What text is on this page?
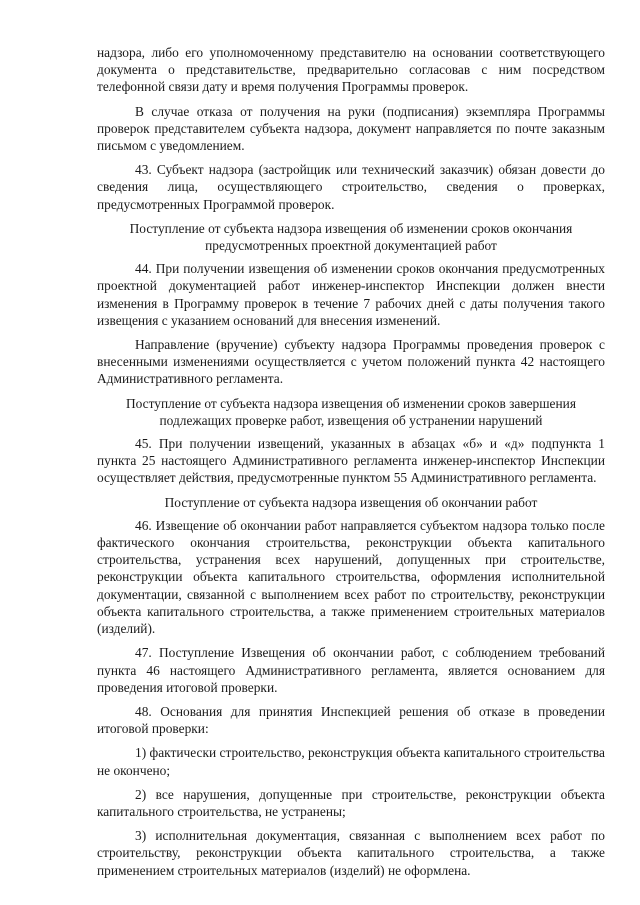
надзора, либо его уполномоченному представителю на основании соответствующего документа о представительстве, предварительно согласовав с ним посредством телефонной связи дату и время получения Программы проверок.

В случае отказа от получения на руки (подписания) экземпляра Программы проверок представителем субъекта надзора, документ направляется по почте заказным письмом с уведомлением.

43. Субъект надзора (застройщик или технический заказчик) обязан довести до сведения лица, осуществляющего строительство, сведения о проверках, предусмотренных Программой проверок.

Поступление от субъекта надзора извещения об изменении сроков окончания предусмотренных проектной документацией работ

44. При получении извещения об изменении сроков окончания предусмотренных проектной документацией работ инженер-инспектор Инспекции должен внести изменения в Программу проверок в течение 7 рабочих дней с даты получения такого извещения с указанием оснований для внесения изменений.

Направление (вручение) субъекту надзора Программы проведения проверок с внесенными изменениями осуществляется с учетом положений пункта 42 настоящего Административного регламента.

Поступление от субъекта надзора извещения об изменении сроков завершения подлежащих проверке работ, извещения об устранении нарушений

45. При получении извещений, указанных в абзацах «б» и «д» подпункта 1 пункта 25 настоящего Административного регламента инженер-инспектор Инспекции осуществляет действия, предусмотренные пунктом 55 Административного регламента.

Поступление от субъекта надзора извещения об окончании работ

46. Извещение об окончании работ направляется субъектом надзора только после фактического окончания строительства, реконструкции объекта капитального строительства, устранения всех нарушений, допущенных при строительстве, реконструкции объекта капитального строительства, оформления исполнительной документации, связанной с выполнением всех работ по строительству, реконструкции объекта капитального строительства, а также применением строительных материалов (изделий).

47. Поступление Извещения об окончании работ, с соблюдением требований пункта 46 настоящего Административного регламента, является основанием для проведения итоговой проверки.

48. Основания для принятия Инспекцией решения об отказе в проведении итоговой проверки:

1) фактически строительство, реконструкция объекта капитального строительства не окончено;

2) все нарушения, допущенные при строительстве, реконструкции объекта капитального строительства, не устранены;

3) исполнительная документация, связанная с выполнением всех работ по строительству, реконструкции объекта капитального строительства, а также применением строительных материалов (изделий) не оформлена.
